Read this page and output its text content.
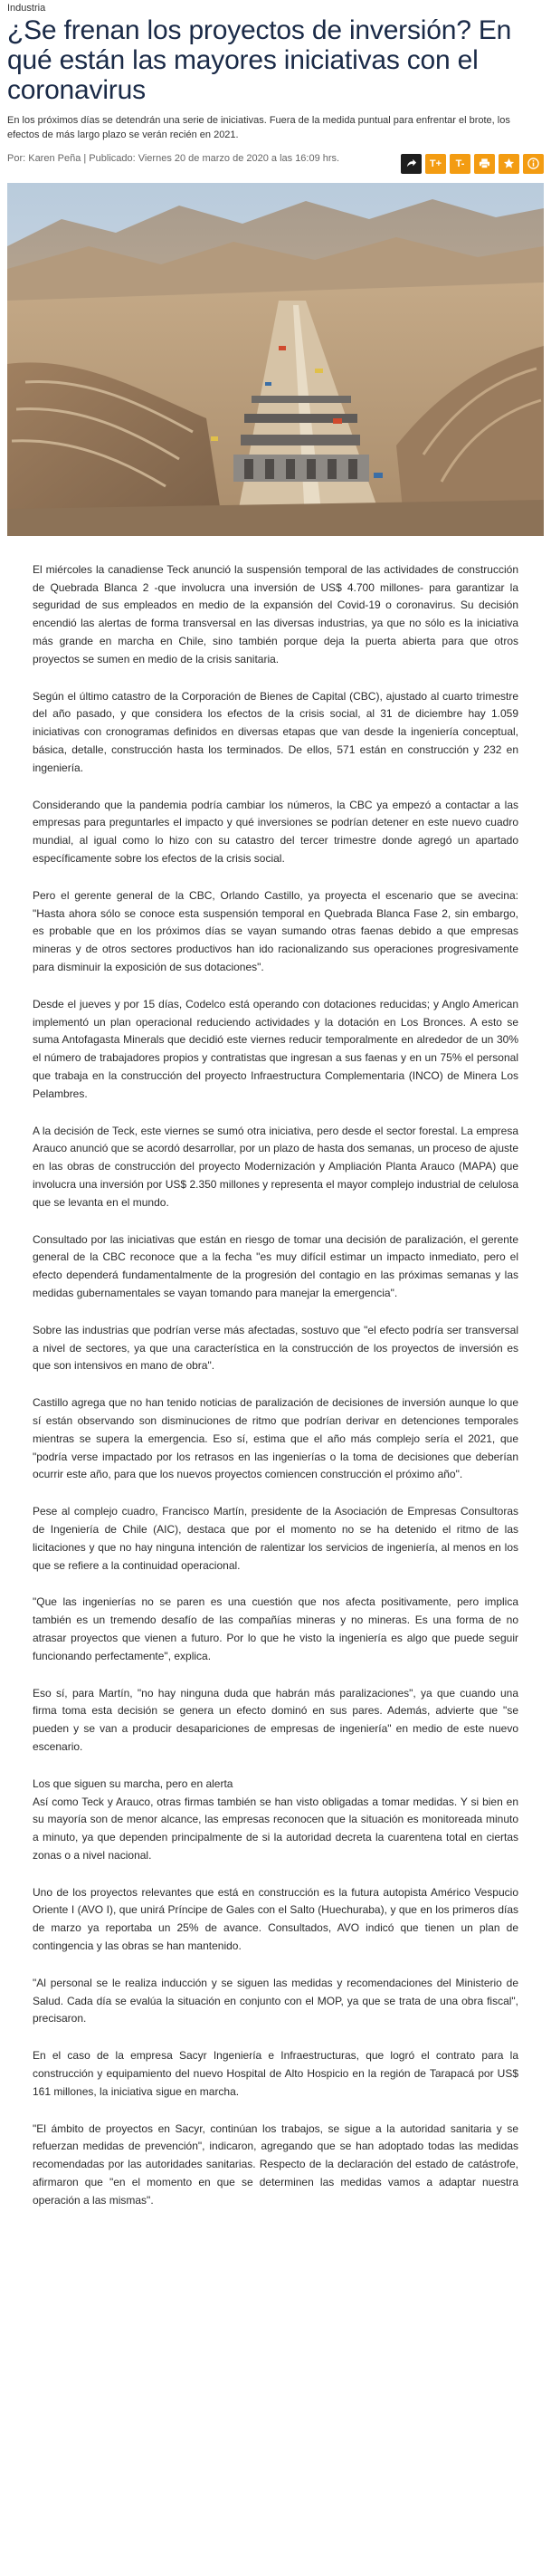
Industria
¿Se frenan los proyectos de inversión? En qué están las mayores iniciativas con el coronavirus

En los próximos días se detendrán una serie de iniciativas. Fuera de la medida puntual para enfrentar el brote, los efectos de más largo plazo se verán recién en 2021.

Por: Karen Peña | Publicado: Viernes 20 de marzo de 2020 a las 16:09 hrs.	T+	T-

El miércoles la canadiense Teck anunció la suspensión temporal de las actividades de construcción de Quebrada Blanca 2 -que involucra una inversión de US$ 4.700 millones- para garantizar la seguridad de sus empleados en medio de la expansión del Covid-19 o coronavirus. Su decisión encendió las alertas de forma transversal en las diversas industrias, ya que no sólo es la iniciativa más grande en marcha en Chile, sino también porque deja la puerta abierta para que otros proyectos se sumen en medio de la crisis sanitaria.

Según el último catastro de la Corporación de Bienes de Capital (CBC), ajustado al cuarto trimestre del año pasado, y que considera los efectos de la crisis social, al 31 de diciembre hay 1.059 iniciativas con cronogramas definidos en diversas etapas que van desde la ingeniería conceptual, básica, detalle, construcción hasta los terminados. De ellos, 571 están en construcción y 232 en ingeniería.

Considerando que la pandemia podría cambiar los números, la CBC ya empezó a contactar a las empresas para preguntarles el impacto y qué inversiones se podrían detener en este nuevo cuadro mundial, al igual como lo hizo con su catastro del tercer trimestre donde agregó un apartado específicamente sobre los efectos de la crisis social.

Pero el gerente general de la CBC, Orlando Castillo, ya proyecta el escenario que se avecina: "Hasta ahora sólo se conoce esta suspensión temporal en Quebrada Blanca Fase 2, sin embargo, es probable que en los próximos días se vayan sumando otras faenas debido a que empresas mineras y de otros sectores productivos han ido racionalizando sus operaciones progresivamente para disminuir la exposición de sus dotaciones".

Desde el jueves y por 15 días, Codelco está operando con dotaciones reducidas; y Anglo American implementó un plan operacional reduciendo actividades y la dotación en Los Bronces. A esto se suma Antofagasta Minerals que decidió este viernes reducir temporalmente en alrededor de un 30% el número de trabajadores propios y contratistas que ingresan a sus faenas y en un 75% el personal que trabaja en la construcción del proyecto Infraestructura Complementaria (INCO) de Minera Los Pelambres.

A la decisión de Teck, este viernes se sumó otra iniciativa, pero desde el sector forestal. La empresa Arauco anunció que se acordó desarrollar, por un plazo de hasta dos semanas, un proceso de ajuste en las obras de construcción del proyecto Modernización y Ampliación Planta Arauco (MAPA) que involucra una inversión por US$ 2.350 millones y representa el mayor complejo industrial de celulosa que se levanta en el mundo.

Consultado por las iniciativas que están en riesgo de tomar una decisión de paralización, el gerente general de la CBC reconoce que a la fecha "es muy difícil estimar un impacto inmediato, pero el efecto dependerá fundamentalmente de la progresión del contagio en las próximas semanas y las medidas gubernamentales se vayan tomando para manejar la emergencia".

Sobre las industrias que podrían verse más afectadas, sostuvo que "el efecto podría ser transversal a nivel de sectores, ya que una característica en la construcción de los proyectos de inversión es que son intensivos en mano de obra".

Castillo agrega que no han tenido noticias de paralización de decisiones de inversión aunque lo que sí están observando son disminuciones de ritmo que podrían derivar en detenciones temporales mientras se supera la emergencia. Eso sí, estima que el año más complejo sería el 2021, que "podría verse impactado por los retrasos en las ingenierías o la toma de decisiones que deberían ocurrir este año, para que los nuevos proyectos comiencen construcción el próximo año".

Pese al complejo cuadro, Francisco Martín, presidente de la Asociación de Empresas Consultoras de Ingeniería de Chile (AIC), destaca que por el momento no se ha detenido el ritmo de las licitaciones y que no hay ninguna intención de ralentizar los servicios de ingeniería, al menos en los que se refiere a la continuidad operacional.

"Que las ingenierías no se paren es una cuestión que nos afecta positivamente, pero implica también es un tremendo desafío de las compañías mineras y no mineras. Es una forma de no atrasar proyectos que vienen a futuro. Por lo que he visto la ingeniería es algo que puede seguir funcionando perfectamente", explica.

Eso sí, para Martín, "no hay ninguna duda que habrán más paralizaciones", ya que cuando una firma toma esta decisión se genera un efecto dominó en sus pares. Además, advierte que "se pueden y se van a producir desapariciones de empresas de ingeniería" en medio de este nuevo escenario.

Los que siguen su marcha, pero en alerta

Así como Teck y Arauco, otras firmas también se han visto obligadas a tomar medidas. Y si bien en su mayoría son de menor alcance, las empresas reconocen que la situación es monitoreada minuto a minuto, ya que dependen principalmente de si la autoridad decreta la cuarentena total en ciertas zonas o a nivel nacional.

Uno de los proyectos relevantes que está en construcción es la futura autopista Américo Vespucio Oriente I (AVO I), que unirá Príncipe de Gales con el Salto (Huechuraba), y que en los primeros días de marzo ya reportaba un 25% de avance. Consultados, AVO indicó que tienen un plan de contingencia y las obras se han mantenido.

"Al personal se le realiza inducción y se siguen las medidas y recomendaciones del Ministerio de Salud. Cada día se evalúa la situación en conjunto con el MOP, ya que se trata de una obra fiscal", precisaron.

En el caso de la empresa Sacyr Ingeniería e Infraestructuras, que logró el contrato para la construcción y equipamiento del nuevo Hospital de Alto Hospicio en la región de Tarapacá por US$ 161 millones, la iniciativa sigue en marcha.

"El ámbito de proyectos en Sacyr, continúan los trabajos, se sigue a la autoridad sanitaria y se refuerzan medidas de prevención", indicaron, agregando que se han adoptado todas las medidas recomendadas por las autoridades sanitarias. Respecto de la declaración del estado de catástrofe, afirmaron que "en el momento en que se determinen las medidas vamos a adaptar nuestra operación a las mismas".
